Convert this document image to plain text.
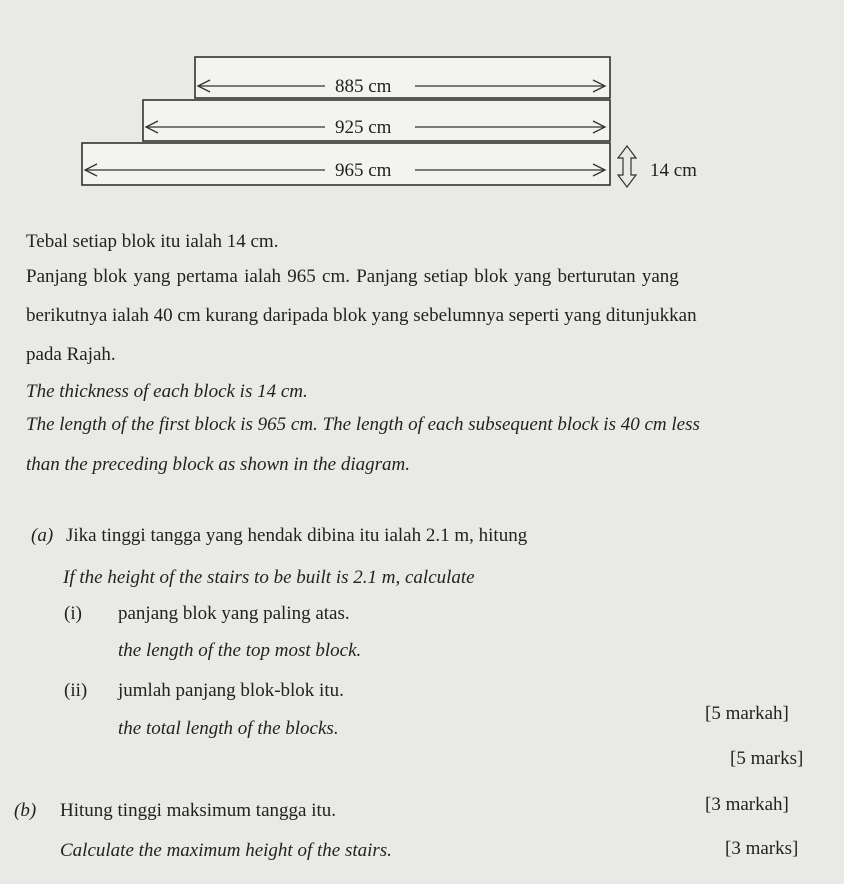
885 cm
925 cm
965 cm	14 cm
Tebal setiap blok itu ialah 14 cm.
Panjang blok yang pertama ialah 965 cm. Panjang setiap blok yang berturutan yang
berikutnya ialah 40 cm kurang daripada blok yang sebelumnya seperti yang ditunjukkan
pada Rajah.
The thickness of each block is 14 cm.
The length of the first block is 965 cm. The length of each subsequent block is 40 cm less
than the preceding block as shown in the diagram.
(a) Jika tinggi tangga yang hendak dibina itu ialah 2.1 m, hitung
If the height of the stairs to be built is 2.1 m, calculate
(i) panjang blok yang paling atas.
the length of the top most block.
(ii) jumlah panjang blok-blok itu.
the total length of the blocks.
[5 markah]
[5 marks]
(b) Hitung tinggi maksimum tangga itu.
Calculate the maximum height of the stairs.
[3 markah]
[3 marks]
